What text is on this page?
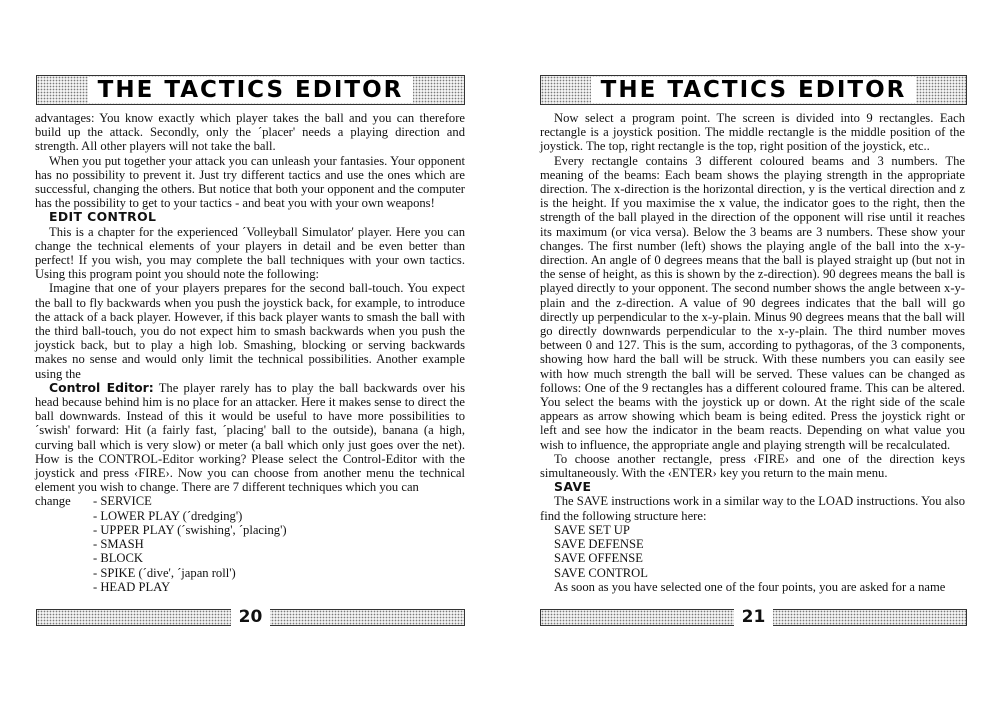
THE TACTICS EDITOR

advantages: You know exactly which player takes the ball and you can therefore build up the attack. Secondly, only the ´placer' needs a playing direction and strength. All other players will not take the ball.

When you put together your attack you can unleash your fantasies. Your opponent has no possibility to prevent it. Just try different tactics and use the ones which are successful, changing the others. But notice that both your opponent and the computer has the possibility to get to your tactics - and beat you with your own weapons!

EDIT CONTROL

This is a chapter for the experienced ´Volleyball Simulator' player. Here you can change the technical elements of your players in detail and be even better than perfect! If you wish, you may complete the ball techniques with your own tactics. Using this program point you should note the following:

Imagine that one of your players prepares for the second ball-touch. You expect the ball to fly backwards when you push the joystick back, for example, to introduce the attack of a back player. However, if this back player wants to smash the ball with the third ball-touch, you do not expect him to smash backwards when you push the joystick back, but to play a high lob. Smashing, blocking or serving backwards makes no sense and would only limit the technical possibilities. Another example using the

Control Editor: The player rarely has to play the ball backwards over his head because behind him is no place for an attacker. Here it makes sense to direct the ball downwards. Instead of this it would be useful to have more possibilities to ´swish' forward: Hit (a fairly fast, ´placing' ball to the outside), banana (a high, curving ball which is very slow) or meter (a ball which only just goes over the net). How is the CONTROL-Editor working? Please select the Control-Editor with the joystick and press ‹FIRE›. Now you can choose from another menu the technical element you wish to change. There are 7 different techniques which you can

change - SERVICE
- LOWER PLAY (´dredging')
- UPPER PLAY (´swishing', ´placing')
- SMASH
- BLOCK
- SPIKE (´dive', ´japan roll')
- HEAD PLAY
20
THE TACTICS EDITOR

Now select a program point. The screen is divided into 9 rectangles. Each rectangle is a joystick position. The middle rectangle is the middle position of the joystick. The top, right rectangle is the top, right position of the joystick, etc..

Every rectangle contains 3 different coloured beams and 3 numbers. The meaning of the beams: Each beam shows the playing strength in the appropriate direction. The x-direction is the horizontal direction, y is the vertical direction and z is the height. If you maximise the x value, the indicator goes to the right, then the strength of the ball played in the direction of the opponent will rise until it reaches its maximum (or vica versa). Below the 3 beams are 3 numbers. These show your changes. The first number (left) shows the playing angle of the ball into the x-y-direction. An angle of 0 degrees means that the ball is played straight up (but not in the sense of height, as this is shown by the z-direction). 90 degrees means the ball is played directly to your opponent. The second number shows the angle between x-y-plain and the z-direction. A value of 90 degrees indicates that the ball will go directly up perpendicular to the x-y-plain. Minus 90 degrees means that the ball will go directly downwards perpendicular to the x-y-plain. The third number moves between 0 and 127. This is the sum, according to pythagoras, of the 3 components, showing how hard the ball will be struck. With these numbers you can easily see with how much strength the ball will be served. These values can be changed as follows: One of the 9 rectangles has a different coloured frame. This can be altered. You select the beams with the joystick up or down. At the right side of the scale appears as arrow showing which beam is being edited. Press the joystick right or left and see how the indicator in the beam reacts. Depending on what value you wish to influence, the appropriate angle and playing strength will be recalculated.

To choose another rectangle, press ‹FIRE› and one of the direction keys simultaneously. With the ‹ENTER› key you return to the main menu.

SAVE

The SAVE instructions work in a similar way to the LOAD instructions. You also find the following structure here:

SAVE SET UP
SAVE DEFENSE
SAVE OFFENSE
SAVE CONTROL

As soon as you have selected one of the four points, you are asked for a name

21
